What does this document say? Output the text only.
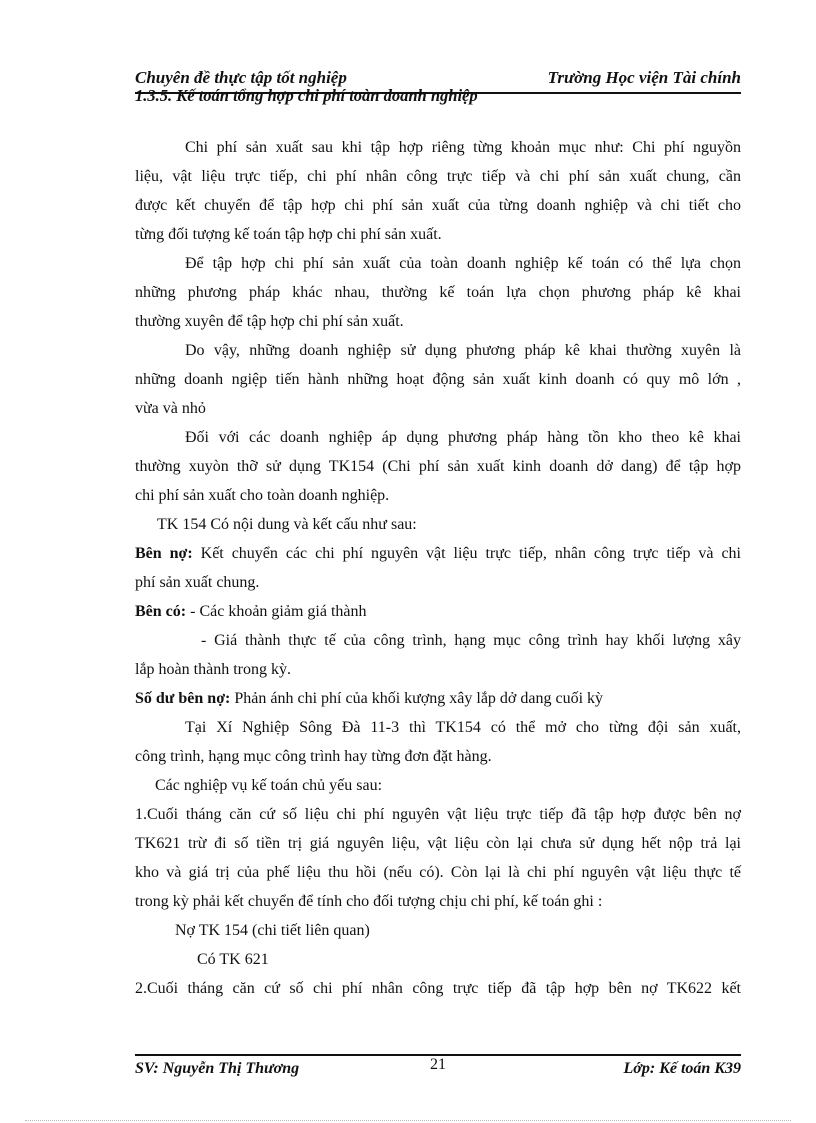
Chuyên đề thực tập tốt nghiệp	Trường Học viện Tài chính
1.3.5. Kế toán tổng hợp chi phí toàn doanh nghiệp
Chi phí sản xuất sau khi tập hợp riêng từng khoản mục như: Chi phí nguyồn
liệu, vật liệu trực tiếp, chi phí nhân công trực tiếp và chi phí sản xuất chung, cần
được kết chuyển để tập hợp chi phí sản xuất của từng doanh nghiệp và chi tiết cho
từng đối tượng kế toán tập hợp chi phí sản xuất.
Để tập hợp chi phí sản xuất của toàn doanh nghiệp kế toán có thể lựa chọn
những phương pháp khác nhau, thường kế toán lựa chọn phương pháp kê khai
thường xuyên để tập hợp chi phí sản xuất.
Do vậy, những doanh nghiệp sử dụng phương pháp kê khai thường xuyên là
những doanh ngiệp tiến hành những hoạt động sản xuất kinh doanh có quy mô lớn ,
vừa và nhỏ
Đối với các doanh nghiệp áp dụng phương pháp hàng tồn kho theo kê khai
thường xuyòn thỡ sử dụng TK154 (Chi phí sản xuất kinh doanh dở dang) để tập hợp
chi phí sản xuất cho toàn doanh nghiệp.
TK 154 Có nội dung và kết cấu như sau:
Bên nợ: Kết chuyển các chi phí nguyên vật liệu trực tiếp, nhân công trực tiếp và chi
phí sản xuất chung.
Bên có: - Các khoản giảm giá thành
- Giá thành thực tế của công trình, hạng mục công trình hay khối lượng xây
lắp hoàn thành trong kỳ.
Số dư bên nợ: Phản ánh chi phí của khối kượng xây lắp dở dang cuối kỳ
Tại Xí Nghiệp Sông Đà 11-3 thì TK154 có thể mở cho từng đội sản xuất,
công trình, hạng mục công trình hay từng đơn đặt hàng.
Các nghiệp vụ kế toán chủ yếu sau:
1.Cuối tháng căn cứ số liệu chi phí nguyên vật liệu trực tiếp đã tập hợp được bên nợ
TK621 trừ đi số tiền trị giá nguyên liệu, vật liệu còn lại chưa sử dụng hết nộp trả lại
kho và giá trị của phế liệu thu hồi (nếu có). Còn lại là chi phí nguyên vật liệu thực tế
trong kỳ phải kết chuyển để tính cho đối tượng chịu chi phí, kế toán ghi :
Nợ TK 154 (chi tiết liên quan)
Có TK 621
2.Cuối tháng căn cứ số chi phí nhân công trực tiếp đã tập hợp bên nợ TK622 kết
SV: Nguyễn Thị Thương	21	Lớp: Kế toán K39
